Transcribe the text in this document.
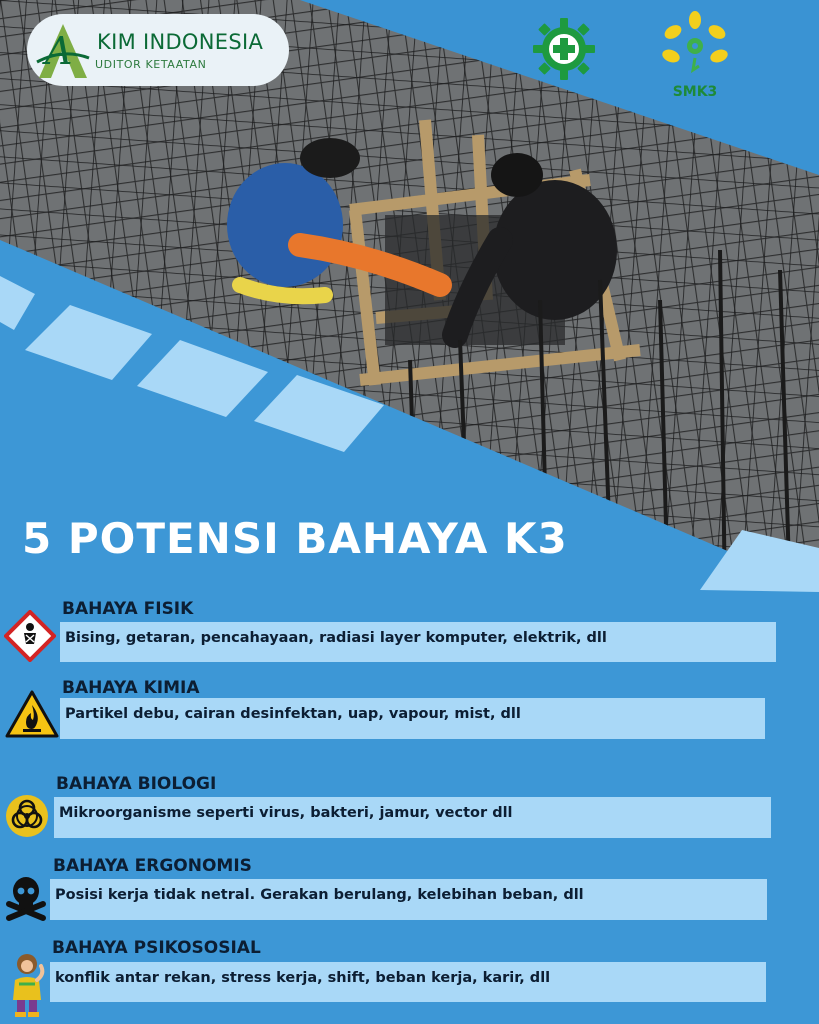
A KIM INDONESIA
UDITOR KETAATAN
SMK3
5 POTENSI BAHAYA K3
BAHAYA FISIK
Bising, getaran, pencahayaan, radiasi layer komputer, elektrik, dll
BAHAYA KIMIA
Partikel debu, cairan desinfektan, uap, vapour, mist, dll
BAHAYA BIOLOGI
Mikroorganisme seperti virus, bakteri, jamur, vector dll
BAHAYA ERGONOMIS
Posisi kerja tidak netral. Gerakan berulang, kelebihan beban, dll
BAHAYA PSIKOSOSIAL
konflik antar rekan, stress kerja, shift, beban kerja, karir, dll
